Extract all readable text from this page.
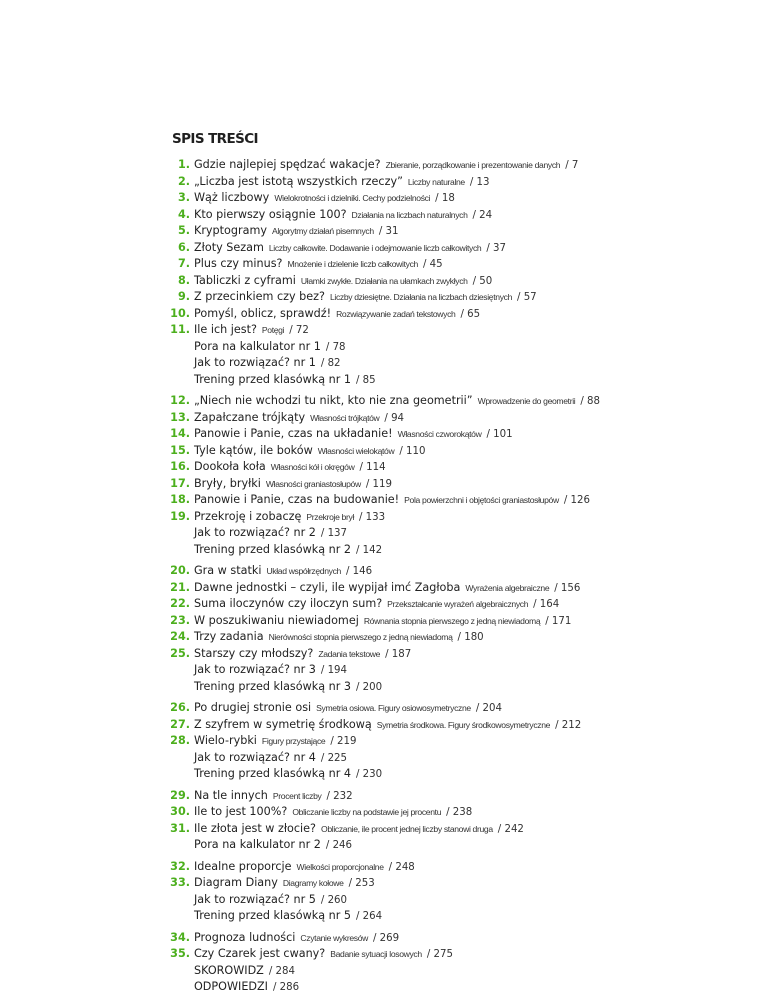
SPIS TREŚCI
1. Gdzie najlepiej spędzać wakacje? Zbieranie, porządkowanie i prezentowanie danych / 7
2. „Liczba jest istotą wszystkich rzeczy” Liczby naturalne / 13
3. Wąż liczbowy Wielokrotności i dzielniki. Cechy podzielności / 18
4. Kto pierwszy osiągnie 100? Działania na liczbach naturalnych / 24
5. Kryptogramy Algorytmy działań pisemnych / 31
6. Złoty Sezam Liczby całkowite. Dodawanie i odejmowanie liczb całkowitych / 37
7. Plus czy minus? Mnożenie i dzielenie liczb całkowitych / 45
8. Tabliczki z cyframi Ułamki zwykłe. Działania na ułamkach zwykłych / 50
9. Z przecinkiem czy bez? Liczby dziesiętne. Działania na liczbach dziesiętnych / 57
10. Pomyśl, oblicz, sprawdź! Rozwiązywanie zadań tekstowych / 65
11. Ile ich jest? Potęgi / 72
Pora na kalkulator nr 1 / 78
Jak to rozwiązać? nr 1 / 82
Trening przed klasówką nr 1 / 85
12. „Niech nie wchodzi tu nikt, kto nie zna geometrii” Wprowadzenie do geometrii / 88
13. Zapałczane trójkąty Własności trójkątów / 94
14. Panowie i Panie, czas na układanie! Własności czworokątów / 101
15. Tyle kątów, ile boków Własności wielokątów / 110
16. Dookoła koła Własności kół i okręgów / 114
17. Bryły, bryłki Własności graniastosłupów / 119
18. Panowie i Panie, czas na budowanie! Pola powierzchni i objętości graniastosłupów / 126
19. Przekroję i zobaczę Przekroje brył / 133
Jak to rozwiązać? nr 2 / 137
Trening przed klasówką nr 2 / 142
20. Gra w statki Układ współrzędnych / 146
21. Dawne jednostki – czyli, ile wypijał imć Zagłoba Wyrażenia algebraiczne / 156
22. Suma iloczynów czy iloczyn sum? Przekształcanie wyrażeń algebraicznych / 164
23. W poszukiwaniu niewiadomej Równania stopnia pierwszego z jedną niewiadomą / 171
24. Trzy zadania Nierówności stopnia pierwszego z jedną niewiadomą / 180
25. Starszy czy młodszy? Zadania tekstowe / 187
Jak to rozwiązać? nr 3 / 194
Trening przed klasówką nr 3 / 200
26. Po drugiej stronie osi Symetria osiowa. Figury osiowosymetryczne / 204
27. Z szyfrem w symetrię środkową Symetria środkowa. Figury środkowosymetryczne / 212
28. Wielo-rybki Figury przystające / 219
Jak to rozwiązać? nr 4 / 225
Trening przed klasówką nr 4 / 230
29. Na tle innych Procent liczby / 232
30. Ile to jest 100%? Obliczanie liczby na podstawie jej procentu / 238
31. Ile złota jest w złocie? Obliczanie, ile procent jednej liczby stanowi druga / 242
Pora na kalkulator nr 2 / 246
32. Idealne proporcje Wielkości proporcjonalne / 248
33. Diagram Diany Diagramy kołowe / 253
Jak to rozwiązać? nr 5 / 260
Trening przed klasówką nr 5 / 264
34. Prognoza ludności Czytanie wykresów / 269
35. Czy Czarek jest cwany? Badanie sytuacji losowych / 275
SKOROWIDZ / 284
ODPOWIEDZI / 286
